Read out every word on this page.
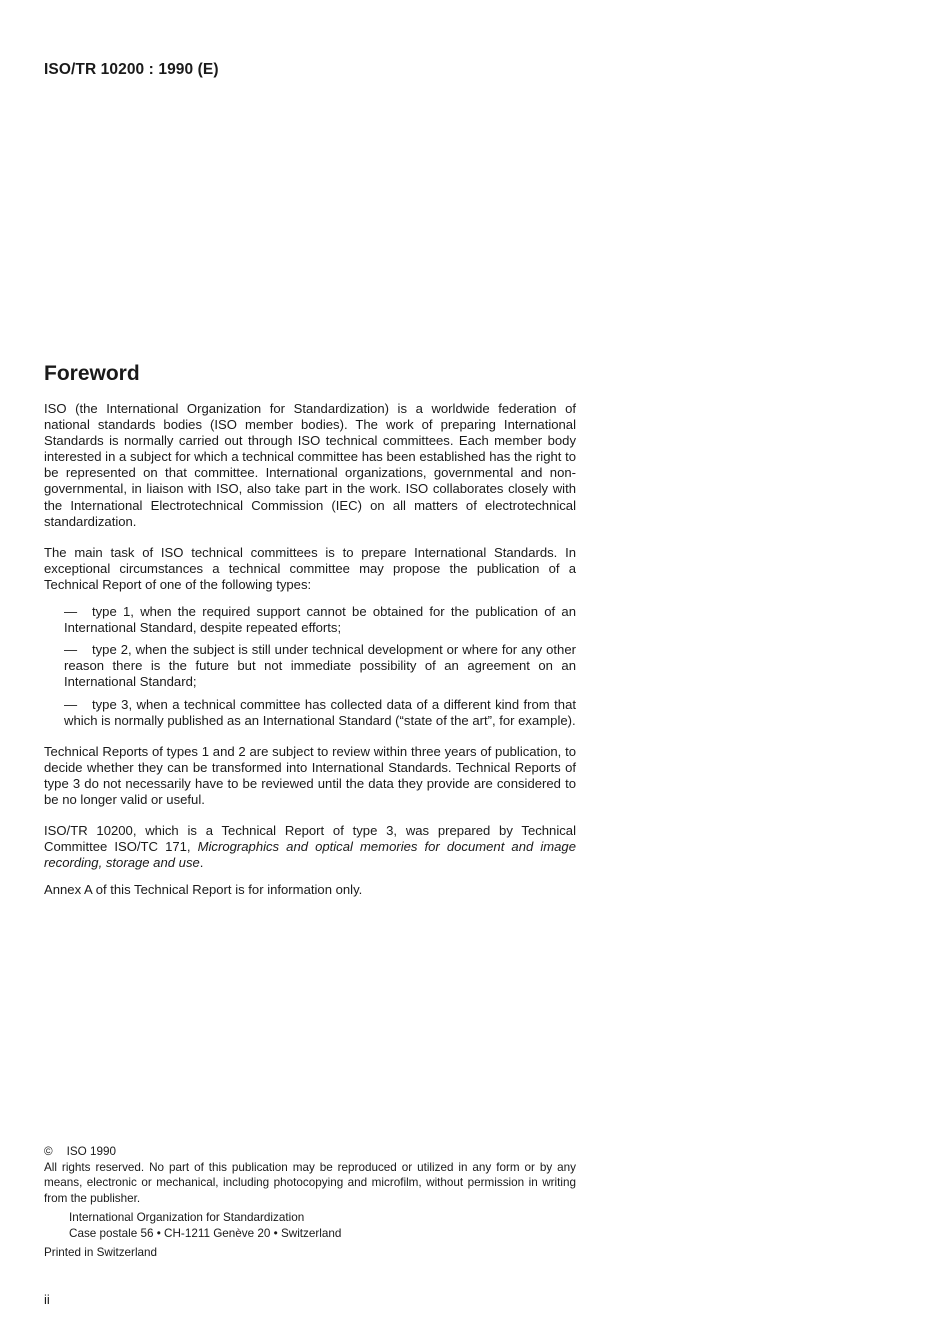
ISO/TR 10200 : 1990 (E)
Foreword

ISO (the International Organization for Standardization) is a worldwide federation of national standards bodies (ISO member bodies). The work of preparing International Standards is normally carried out through ISO technical committees. Each member body interested in a subject for which a technical committee has been established has the right to be represented on that committee. International organizations, governmental and non-governmental, in liaison with ISO, also take part in the work. ISO collaborates closely with the International Electrotechnical Commission (IEC) on all matters of electrotechnical standardization.

The main task of ISO technical committees is to prepare International Standards. In exceptional circumstances a technical committee may propose the publication of a Technical Report of one of the following types:

— type 1, when the required support cannot be obtained for the publication of an International Standard, despite repeated efforts;
— type 2, when the subject is still under technical development or where for any other reason there is the future but not immediate possibility of an agreement on an International Standard;
— type 3, when a technical committee has collected data of a different kind from that which is normally published as an International Standard (“state of the art”, for example).

Technical Reports of types 1 and 2 are subject to review within three years of publication, to decide whether they can be transformed into International Standards. Technical Reports of type 3 do not necessarily have to be reviewed until the data they provide are considered to be no longer valid or useful.

ISO/TR 10200, which is a Technical Report of type 3, was prepared by Technical Committee ISO/TC 171, Micrographics and optical memories for document and image recording, storage and use.

Annex A of this Technical Report is for information only.

© ISO 1990

All rights reserved. No part of this publication may be reproduced or utilized in any form or by any means, electronic or mechanical, including photocopying and microfilm, without permission in writing from the publisher.

International Organization for Standardization

Case postale 56 • CH-1211 Genève 20 • Switzerland

Printed in Switzerland

ii
